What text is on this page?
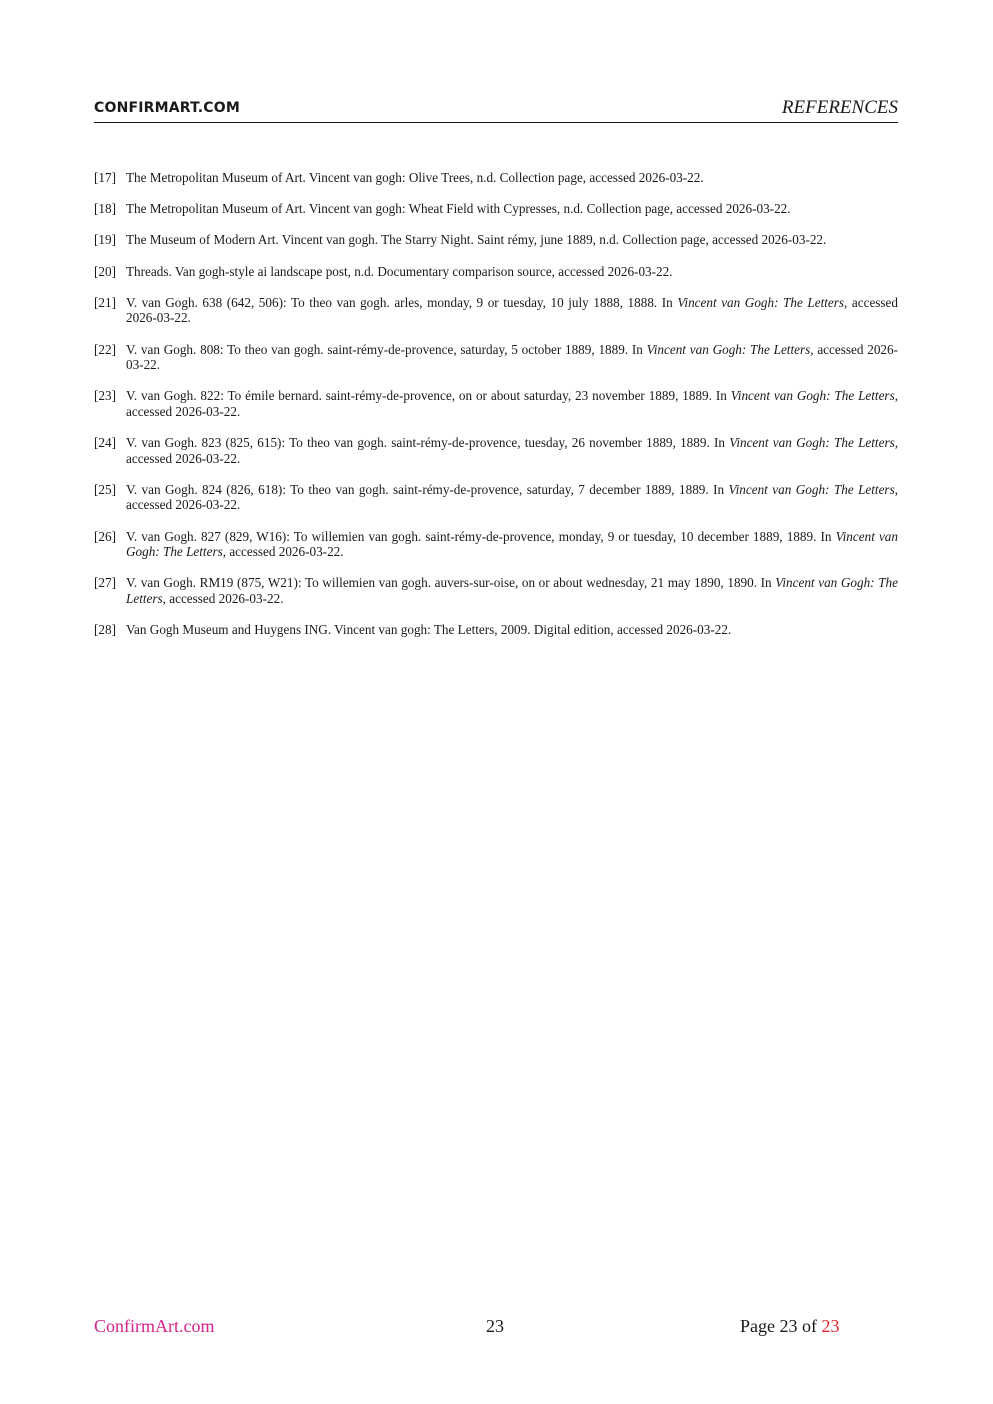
CONFIRMART.COM	REFERENCES
[17] The Metropolitan Museum of Art. Vincent van gogh: Olive Trees, n.d. Collection page, accessed 2026-03-22.
[18] The Metropolitan Museum of Art. Vincent van gogh: Wheat Field with Cypresses, n.d. Collection page, accessed 2026-03-22.
[19] The Museum of Modern Art. Vincent van gogh. The Starry Night. Saint rémy, june 1889, n.d. Collection page, accessed 2026-03-22.
[20] Threads. Van gogh-style ai landscape post, n.d. Documentary comparison source, accessed 2026-03-22.
[21] V. van Gogh. 638 (642, 506): To theo van gogh. arles, monday, 9 or tuesday, 10 july 1888, 1888. In Vincent van Gogh: The Letters, accessed 2026-03-22.
[22] V. van Gogh. 808: To theo van gogh. saint-rémy-de-provence, saturday, 5 october 1889, 1889. In Vincent van Gogh: The Letters, accessed 2026-03-22.
[23] V. van Gogh. 822: To émile bernard. saint-rémy-de-provence, on or about saturday, 23 november 1889, 1889. In Vincent van Gogh: The Letters, accessed 2026-03-22.
[24] V. van Gogh. 823 (825, 615): To theo van gogh. saint-rémy-de-provence, tuesday, 26 november 1889, 1889. In Vincent van Gogh: The Letters, accessed 2026-03-22.
[25] V. van Gogh. 824 (826, 618): To theo van gogh. saint-rémy-de-provence, saturday, 7 december 1889, 1889. In Vincent van Gogh: The Letters, accessed 2026-03-22.
[26] V. van Gogh. 827 (829, W16): To willemien van gogh. saint-rémy-de-provence, monday, 9 or tuesday, 10 december 1889, 1889. In Vincent van Gogh: The Letters, accessed 2026-03-22.
[27] V. van Gogh. RM19 (875, W21): To willemien van gogh. auvers-sur-oise, on or about wednesday, 21 may 1890, 1890. In Vincent van Gogh: The Letters, accessed 2026-03-22.
[28] Van Gogh Museum and Huygens ING. Vincent van gogh: The Letters, 2009. Digital edition, accessed 2026-03-22.
ConfirmArt.com	23	Page 23 of 23
